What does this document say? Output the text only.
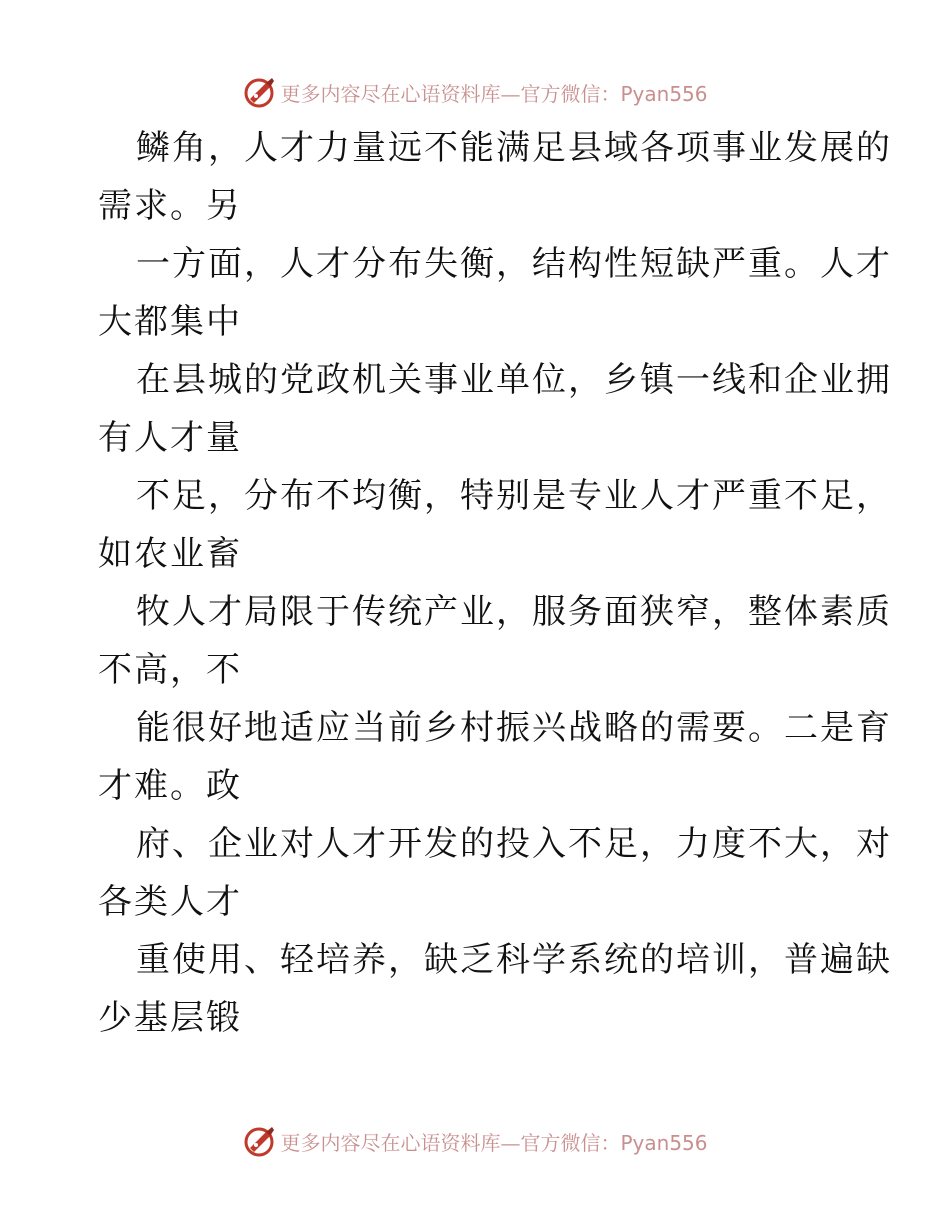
更多内容尽在心语资料库—官方微信：Pyan556
鳞角，人才力量远不能满足县域各项事业发展的
需求。另
一方面，人才分布失衡，结构性短缺严重。人才
大都集中
在县城的党政机关事业单位，乡镇一线和企业拥
有人才量
不足，分布不均衡，特别是专业人才严重不足，
如农业畜
牧人才局限于传统产业，服务面狭窄，整体素质
不高，不
能很好地适应当前乡村振兴战略的需要。二是育
才难。政
府、企业对人才开发的投入不足，力度不大，对
各类人才
重使用、轻培养，缺乏科学系统的培训，普遍缺
少基层锻
更多内容尽在心语资料库—官方微信：Pyan556
